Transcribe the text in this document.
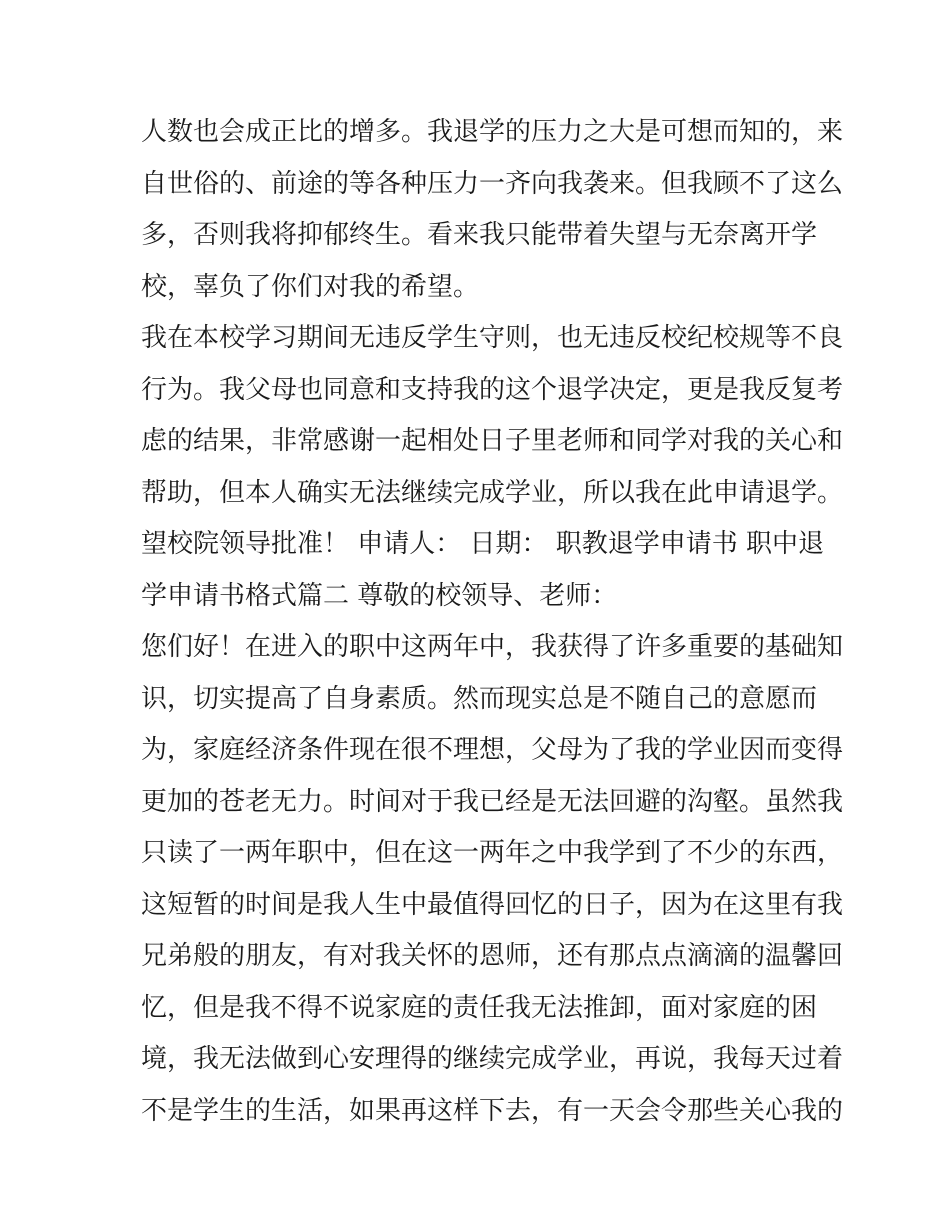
人数也会成正比的增多。我退学的压力之大是可想而知的，来
自世俗的、前途的等各种压力一齐向我袭来。但我顾不了这么
多，否则我将抑郁终生。看来我只能带着失望与无奈离开学
校，辜负了你们对我的希望。
我在本校学习期间无违反学生守则，也无违反校纪校规等不良
行为。我父母也同意和支持我的这个退学决定，更是我反复考
虑的结果，非常感谢一起相处日子里老师和同学对我的关心和
帮助，但本人确实无法继续完成学业，所以我在此申请退学。
望校院领导批准！ 申请人： 日期： 职教退学申请书 职中退
学申请书格式篇二 尊敬的校领导、老师：
您们好！在进入的职中这两年中，我获得了许多重要的基础知
识，切实提高了自身素质。然而现实总是不随自己的意愿而
为，家庭经济条件现在很不理想，父母为了我的学业因而变得
更加的苍老无力。时间对于我已经是无法回避的沟壑。虽然我
只读了一两年职中，但在这一两年之中我学到了不少的东西，
这短暂的时间是我人生中最值得回忆的日子，因为在这里有我
兄弟般的朋友，有对我关怀的恩师，还有那点点滴滴的温馨回
忆，但是我不得不说家庭的责任我无法推卸，面对家庭的困
境，我无法做到心安理得的继续完成学业，再说，我每天过着
不是学生的生活，如果再这样下去，有一天会令那些关心我的
